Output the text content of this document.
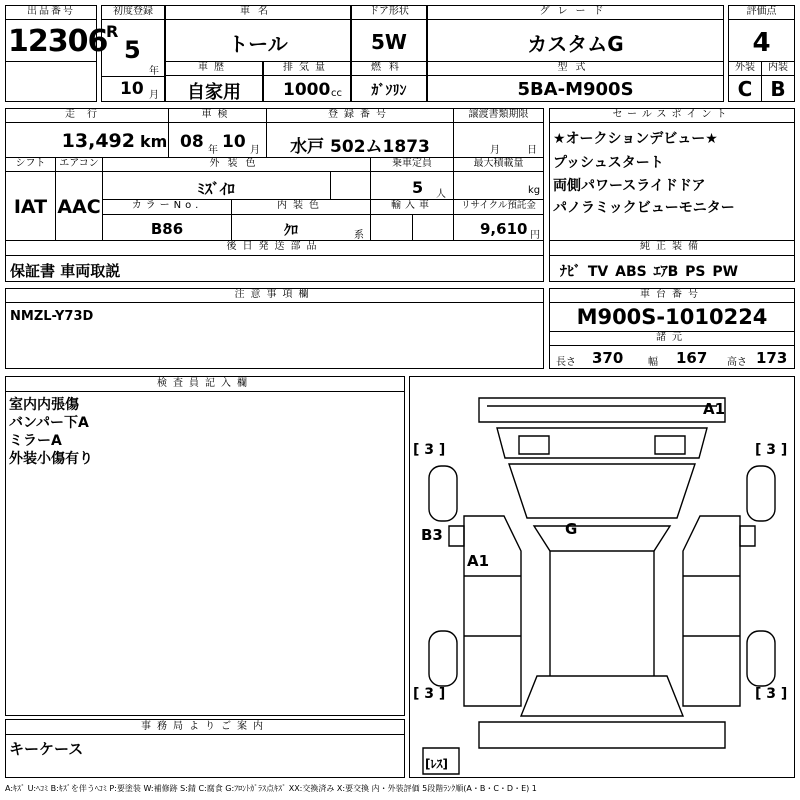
出品番号
12306
初度登録
R
5
年
10 月
車名
トール
ドア形状
5W
グレード
カスタムG
評価点
4
車歴
自家用
排気量
1000 cc
燃料
ｶﾞｿﾘﾝ
型式
5BA-M900S
外装
C
内装
B
走行
13,492 km
車検
08 年 10 月
登録番号
水戸 502ム1873
譲渡書類期限
月	日
シフト
IAT
エアコン
AAC
外装色
ﾐｽﾞｲﾛ
乗車定員
5 人
最大積載量
kg
カラーNo.
B86
内装色
ｸﾛ	系
輸入車	リサイクル預託金
9,610 円
後日発送部品
保証書 車両取説
セールスポイント
★オークションデビュー★
プッシュスタート
両側パワースライドドア
パノラミックビューモニター
純正装備
ﾅﾋﾞ TV ABS ｴｱB PS PW
注意事項欄
NMZL-Y73D
車台番号
M900S-1010224
諸元
長さ 370 幅 167 高さ 173
検査員記入欄
室内内張傷
バンパー下A
ミラーA
外装小傷有り
事務局よりご案内
キーケース
A1
G
B3
A1
[ 3 ]	[ 3 ]
[ 3 ]	[ 3 ]
[ﾚｽ]
A:ｷｽﾞ U:ﾍｺﾐ B:ｷｽﾞを伴うﾍｺﾐ P:要塗装 W:補修跡 S:錆 C:腐食 G:ﾌﾛﾝﾄｶﾞﾗｽ点ｷｽﾞ XX:交換済み X:要交換 内・外装評価 5段階ﾗﾝｸ順(A・B・C・D・E) 1
